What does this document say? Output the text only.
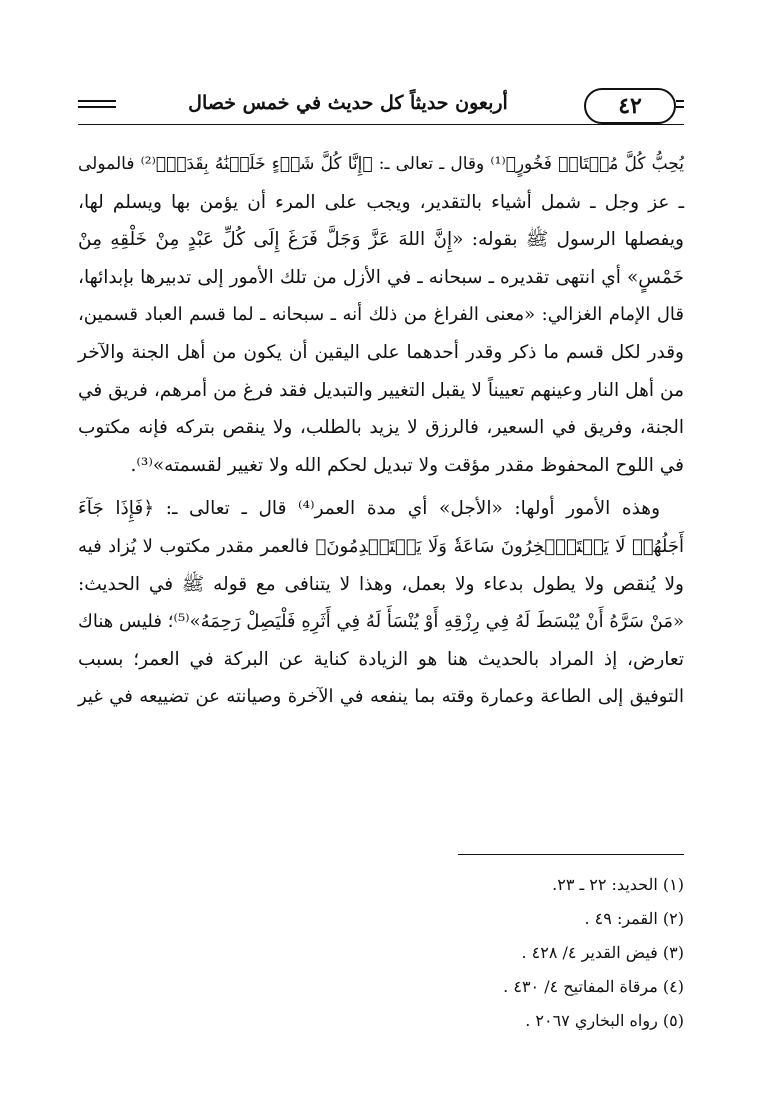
أربعون حديثاً كل حديث في خمس خصال	٤٢
يُحِبُّ كُلَّ مُخۡتَالٖ فَخُورٍ﴾⁽¹⁾ وقال ـ تعالى ـ: ﴿إِنَّا كُلَّ شَيۡءٍ خَلَقۡنَٰهُ بِقَدَرٖ﴾⁽²⁾ فالمولى
ـ عز وجل ـ شمل أشياء بالتقدير، ويجب على المرء أن يؤمن بها ويسلم لها،
ويفصلها الرسول ﷺ بقوله: «إِنَّ اللهَ عَزَّ وَجَلَّ فَرَغَ إِلَى كُلِّ عَبْدٍ مِنْ خَلْقِهِ مِنْ
خَمْسٍ» أي انتهى تقديره ـ سبحانه ـ في الأزل من تلك الأمور إلى تدبيرها بإبدائها،
قال الإمام الغزالي: «معنى الفراغ من ذلك أنه ـ سبحانه ـ لما قسم العباد قسمين،
وقدر لكل قسم ما ذكر وقدر أحدهما على اليقين أن يكون من أهل الجنة والآخر
من أهل النار وعينهم تعييناً لا يقبل التغيير والتبديل فقد فرغ من أمرهم، فريق في
الجنة، وفريق في السعير، فالرزق لا يزيد بالطلب، ولا ينقص بتركه فإنه مكتوب
في اللوح المحفوظ مقدر مؤقت ولا تبديل لحكم الله ولا تغيير لقسمته»⁽³⁾.
وهذه الأمور أولها: «الأجل» أي مدة العمر⁽⁴⁾ قال ـ تعالى ـ: ﴿فَإِذَا جَآءَ
أَجَلُهُمۡ لَا يَسۡتَـٔۡخِرُونَ سَاعَةٗ وَلَا يَسۡتَقۡدِمُونَ﴾ فالعمر مقدر مكتوب لا يُزاد فيه
ولا يُنقص ولا يطول بدعاء ولا بعمل، وهذا لا يتنافى مع قوله ﷺ في الحديث:
«مَنْ سَرَّهُ أَنْ يُبْسَطَ لَهُ فِي رِزْقِهِ أَوْ يُنْسَأَ لَهُ فِي أَثَرِهِ فَلْيَصِلْ رَحِمَهُ»⁽⁵⁾؛ فليس هناك
تعارض، إذ المراد بالحديث هنا هو الزيادة كناية عن البركة في العمر؛ بسبب
التوفيق إلى الطاعة وعمارة وقته بما ينفعه في الآخرة وصيانته عن تضييعه في غير
(١) الحديد: ٢٢ ـ ٢٣.
(٢) القمر: ٤٩ .
(٣) فيض القدير ٤/ ٤٢٨ .
(٤) مرقاة المفاتيح ٤/ ٤٣٠ .
(٥) رواه البخاري ٢٠٦٧ .
